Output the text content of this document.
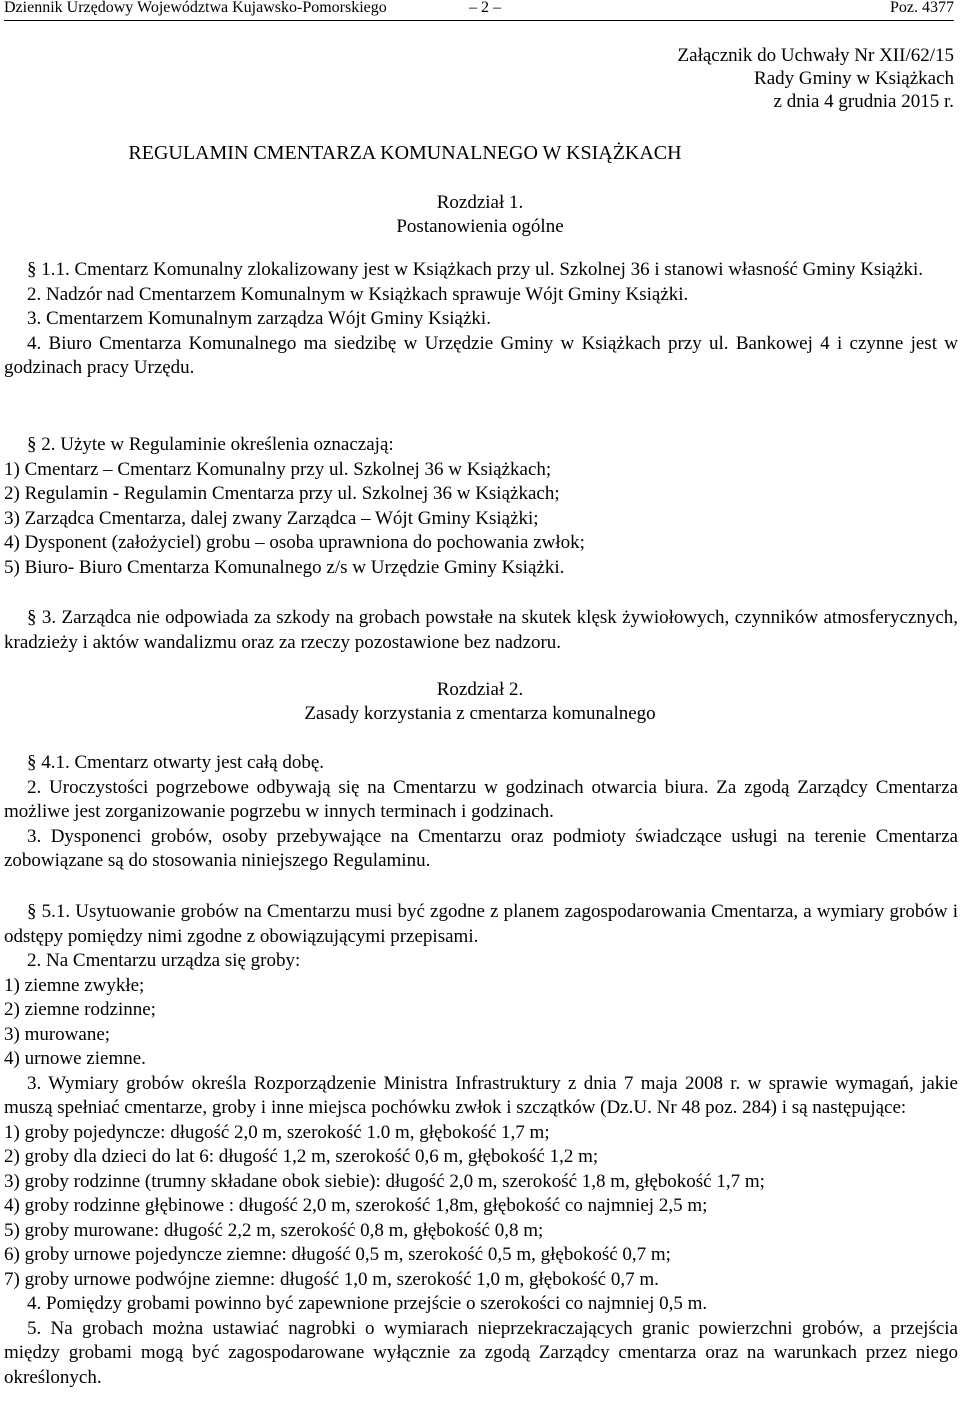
Dziennik Urzędowy Województwa Kujawsko-Pomorskiego	– 2 –	Poz. 4377
Załącznik do Uchwały Nr XII/62/15
Rady Gminy w Książkach
z dnia 4 grudnia 2015 r.
REGULAMIN CMENTARZA KOMUNALNEGO W KSIĄŻKACH
Rozdział 1.
Postanowienia ogólne

§ 1.1. Cmentarz Komunalny zlokalizowany jest w Książkach przy ul. Szkolnej 36 i stanowi własność Gminy Książki.

2. Nadzór nad Cmentarzem Komunalnym w Książkach sprawuje Wójt Gminy Książki.

3. Cmentarzem Komunalnym zarządza Wójt Gminy Książki.

4. Biuro Cmentarza Komunalnego ma siedzibę w Urzędzie Gminy w Książkach przy ul. Bankowej 4 i czynne jest w godzinach pracy Urzędu.

§ 2. Użyte w Regulaminie określenia oznaczają:

1) Cmentarz – Cmentarz Komunalny przy ul. Szkolnej 36 w Książkach;

2) Regulamin - Regulamin Cmentarza przy ul. Szkolnej 36 w Książkach;

3) Zarządca Cmentarza, dalej zwany Zarządca – Wójt Gminy Książki;

4) Dysponent (założyciel) grobu – osoba uprawniona do pochowania zwłok;

5) Biuro- Biuro Cmentarza Komunalnego z/s w Urzędzie Gminy Książki.

§ 3. Zarządca nie odpowiada za szkody na grobach powstałe na skutek klęsk żywiołowych, czynników atmosferycznych, kradzieży i aktów wandalizmu oraz za rzeczy pozostawione bez nadzoru.

Rozdział 2.
Zasady korzystania z cmentarza komunalnego

§ 4.1. Cmentarz otwarty jest całą dobę.

2. Uroczystości pogrzebowe odbywają się na Cmentarzu w godzinach otwarcia biura. Za zgodą Zarządcy Cmentarza możliwe jest zorganizowanie pogrzebu w innych terminach i godzinach.

3. Dysponenci grobów, osoby przebywające na Cmentarzu oraz podmioty świadczące usługi na terenie Cmentarza zobowiązane są do stosowania niniejszego Regulaminu.

§ 5.1. Usytuowanie grobów na Cmentarzu musi być zgodne z planem zagospodarowania Cmentarza, a wymiary grobów i odstępy pomiędzy nimi zgodne z obowiązującymi przepisami.

2. Na Cmentarzu urządza się groby:

1) ziemne zwykłe;

2) ziemne rodzinne;

3) murowane;

4) urnowe ziemne.

3. Wymiary grobów określa Rozporządzenie Ministra Infrastruktury z dnia 7 maja 2008 r. w sprawie wymagań, jakie muszą spełniać cmentarze, groby i inne miejsca pochówku zwłok i szczątków (Dz.U. Nr 48 poz. 284) i są następujące:

1) groby pojedyncze: długość 2,0 m, szerokość 1.0 m, głębokość 1,7 m;

2) groby dla dzieci do lat 6: długość 1,2 m, szerokość 0,6 m, głębokość 1,2 m;

3) groby rodzinne (trumny składane obok siebie): długość 2,0 m, szerokość 1,8 m, głębokość 1,7 m;

4) groby rodzinne głębinowe : długość 2,0 m, szerokość 1,8m, głębokość co najmniej 2,5 m;

5) groby murowane: długość 2,2 m, szerokość 0,8 m, głębokość 0,8 m;

6) groby urnowe pojedyncze ziemne: długość 0,5 m, szerokość 0,5 m, głębokość 0,7 m;

7) groby urnowe podwójne ziemne: długość 1,0 m, szerokość 1,0 m, głębokość 0,7 m.

4. Pomiędzy grobami powinno być zapewnione przejście o szerokości co najmniej 0,5 m.

5. Na grobach można ustawiać nagrobki o wymiarach nieprzekraczających granic powierzchni grobów, a przejścia między grobami mogą być zagospodarowane wyłącznie za zgodą Zarządcy cmentarza oraz na warunkach przez niego określonych.
